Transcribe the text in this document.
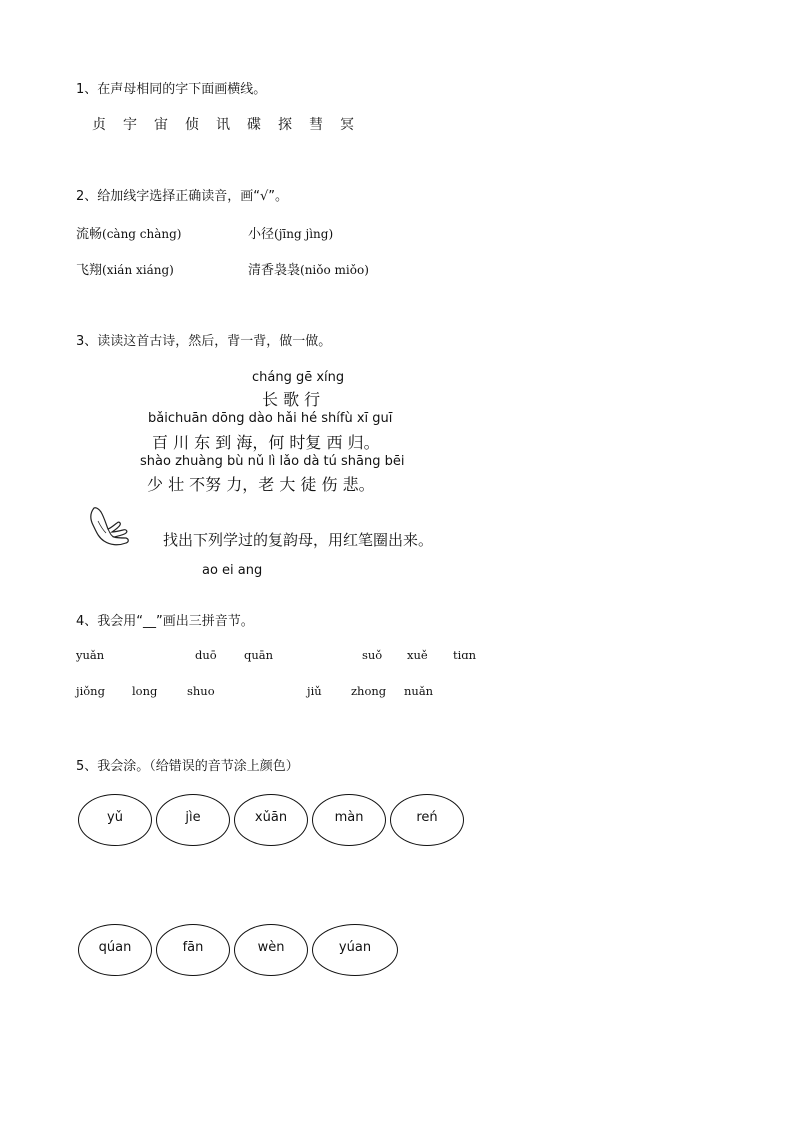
1、在声母相同的字下面画横线。
贞 宇 宙 侦 讯 碟 探 彗 冥
2、给加线字选择正确读音，画“√”。
流畅(càng chàng)	小径(jīng jìng)
飞翔(xián xiáng)	清香袅袅(niǒo miǒo)
3、读读这首古诗，然后，背一背，做一做。
cháng gē xíng
长 歌 行
bǎichuān dōng dào hǎi hé shífù xī guī
百 川 东 到 海，何 时复 西 归。
shào zhuàng bù nǔ lì lǎo dà tú shāng bēi
少 壮 不努 力，老 大 徒 伤 悲。
找出下列学过的复韵母，用红笔圈出来。
ao ei ang
4、我会用“__”画出三拼音节。
yuǎn	duō quān	suǒ xuě tiɑn
jiǒng long	shuo	jiǔ	zhong nuǎn
5、我会涂。（给错误的音节涂上颜色）
yǔ	jìe	xǔān	màn	reń
qúan	fān	wèn	yúan
